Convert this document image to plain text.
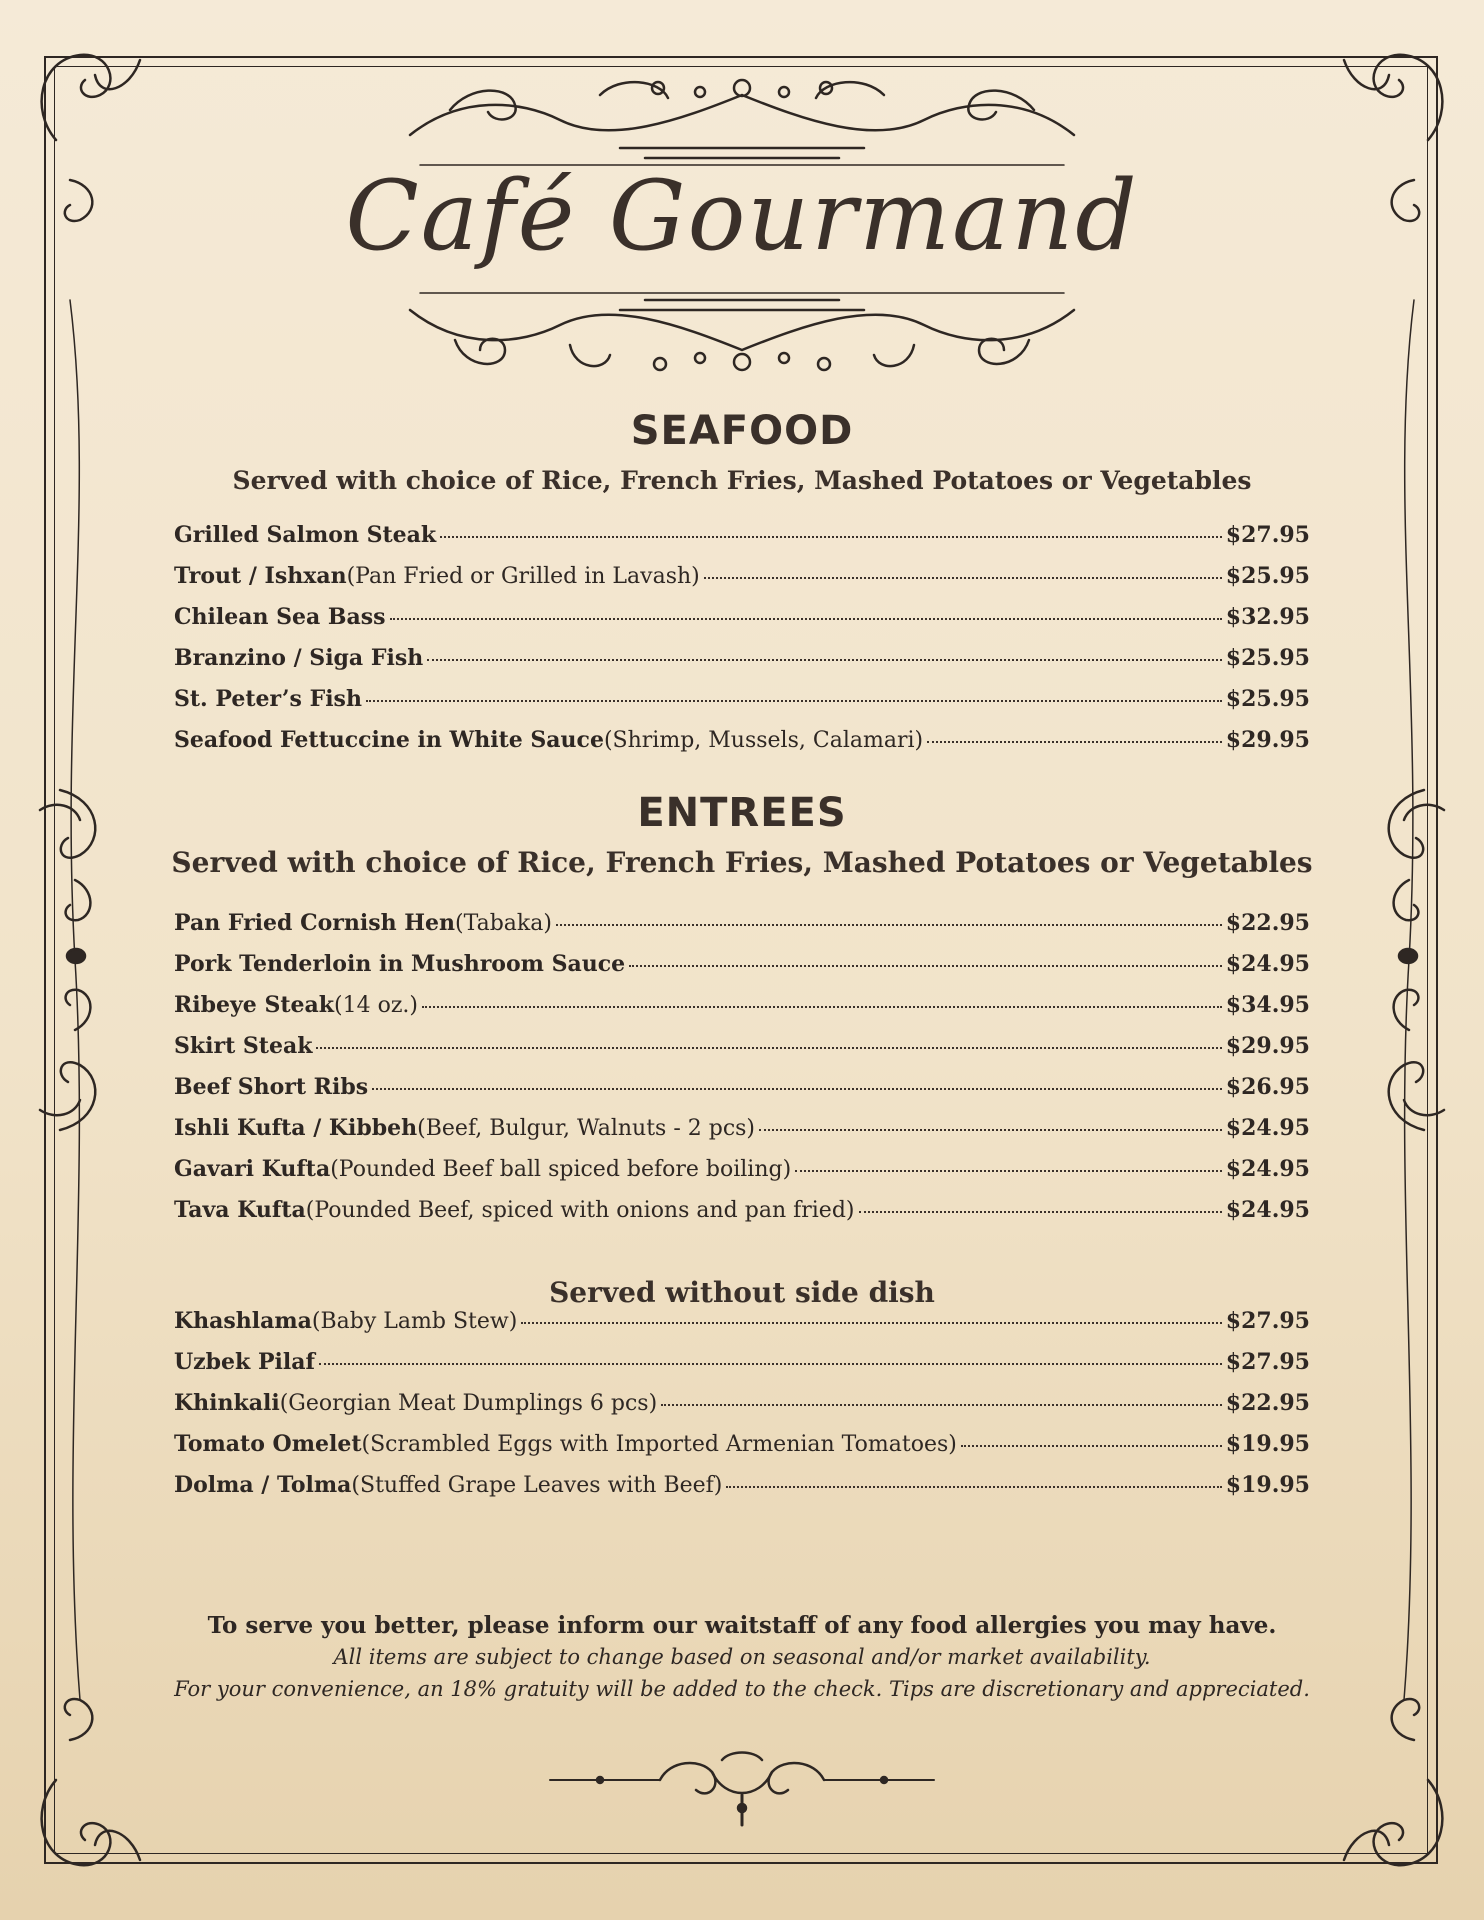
Café Gourmand
SEAFOOD
Served with choice of Rice, French Fries, Mashed Potatoes or Vegetables
Grilled Salmon Steak	$27.95
Trout / Ishxan (Pan Fried or Grilled in Lavash)	$25.95
Chilean Sea Bass	$32.95
Branzino / Siga Fish	$25.95
St. Peter’s Fish	$25.95
Seafood Fettuccine in White Sauce (Shrimp, Mussels, Calamari)	$29.95
ENTREES
Served with choice of Rice, French Fries, Mashed Potatoes or Vegetables
Pan Fried Cornish Hen (Tabaka)	$22.95
Pork Tenderloin in Mushroom Sauce	$24.95
Ribeye Steak (14 oz.)	$34.95
Skirt Steak	$29.95
Beef Short Ribs	$26.95
Ishli Kufta / Kibbeh (Beef, Bulgur, Walnuts - 2 pcs)	$24.95
Gavari Kufta (Pounded Beef ball spiced before boiling)	$24.95
Tava Kufta (Pounded Beef, spiced with onions and pan fried)	$24.95
Served without side dish
Khashlama (Baby Lamb Stew)	$27.95
Uzbek Pilaf	$27.95
Khinkali (Georgian Meat Dumplings 6 pcs)	$22.95
Tomato Omelet (Scrambled Eggs with Imported Armenian Tomatoes)	$19.95
Dolma / Tolma (Stuffed Grape Leaves with Beef)	$19.95
To serve you better, please inform our waitstaff of any food allergies you may have.
All items are subject to change based on seasonal and/or market availability.
For your convenience, an 18% gratuity will be added to the check. Tips are discretionary and appreciated.
